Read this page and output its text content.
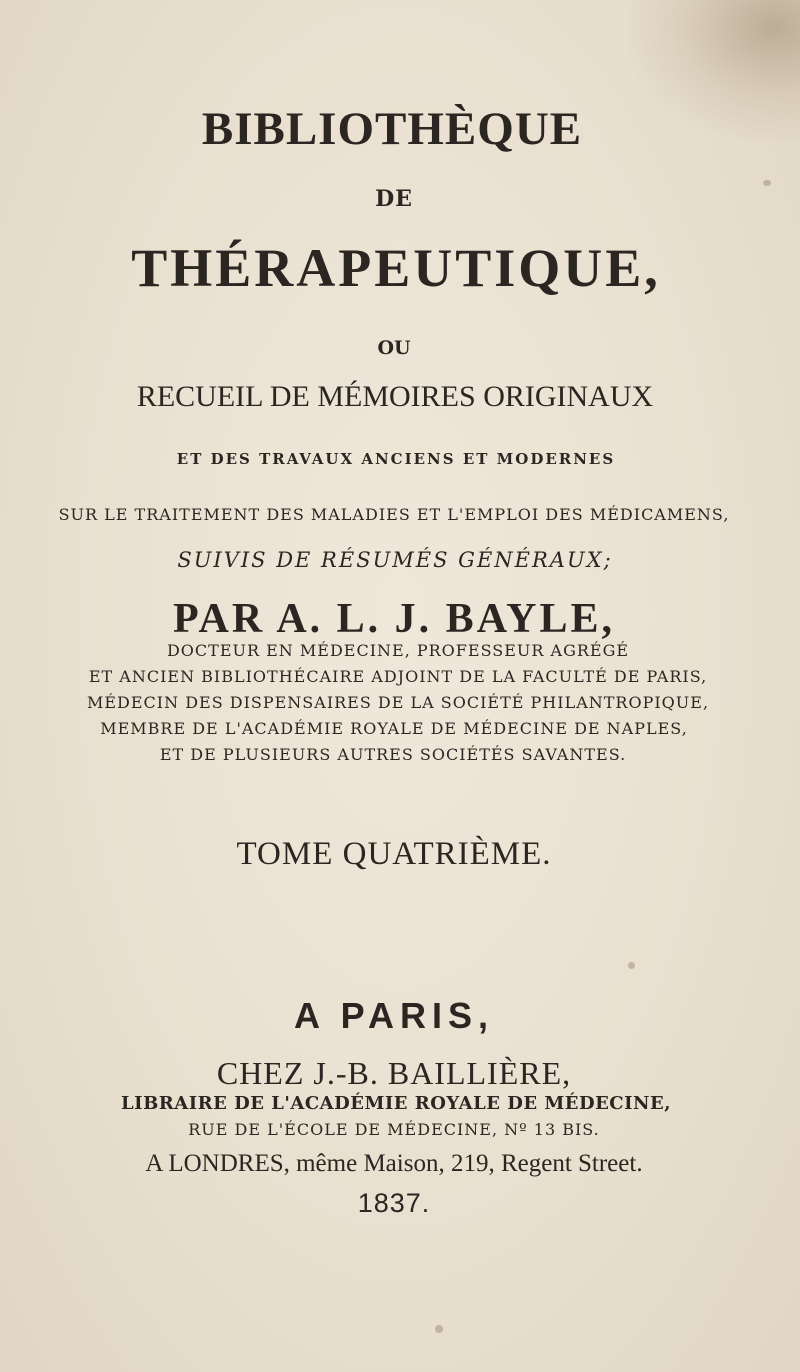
BIBLIOTHÈQUE
DE
THÉRAPEUTIQUE,
OU
RECUEIL DE MÉMOIRES ORIGINAUX
ET DES TRAVAUX ANCIENS ET MODERNES
SUR LE TRAITEMENT DES MALADIES ET L'EMPLOI DES MÉDICAMENS,
SUIVIS DE RÉSUMÉS GÉNÉRAUX;
PAR A. L. J. BAYLE,
DOCTEUR EN MÉDECINE, PROFESSEUR AGRÉGÉ
ET ANCIEN BIBLIOTHÉCAIRE ADJOINT DE LA FACULTÉ DE PARIS,
MÉDECIN DES DISPENSAIRES DE LA SOCIÉTÉ PHILANTROPIQUE,
MEMBRE DE L'ACADÉMIE ROYALE DE MÉDECINE DE NAPLES,
ET DE PLUSIEURS AUTRES SOCIÉTÉS SAVANTES.
TOME QUATRIÈME.
A PARIS,
CHEZ J.-B. BAILLIÈRE,
LIBRAIRE DE L'ACADÉMIE ROYALE DE MÉDECINE,
RUE DE L'ÉCOLE DE MÉDECINE, Nº 13 BIS.
A LONDRES, même Maison, 219, Regent Street.
1837.
